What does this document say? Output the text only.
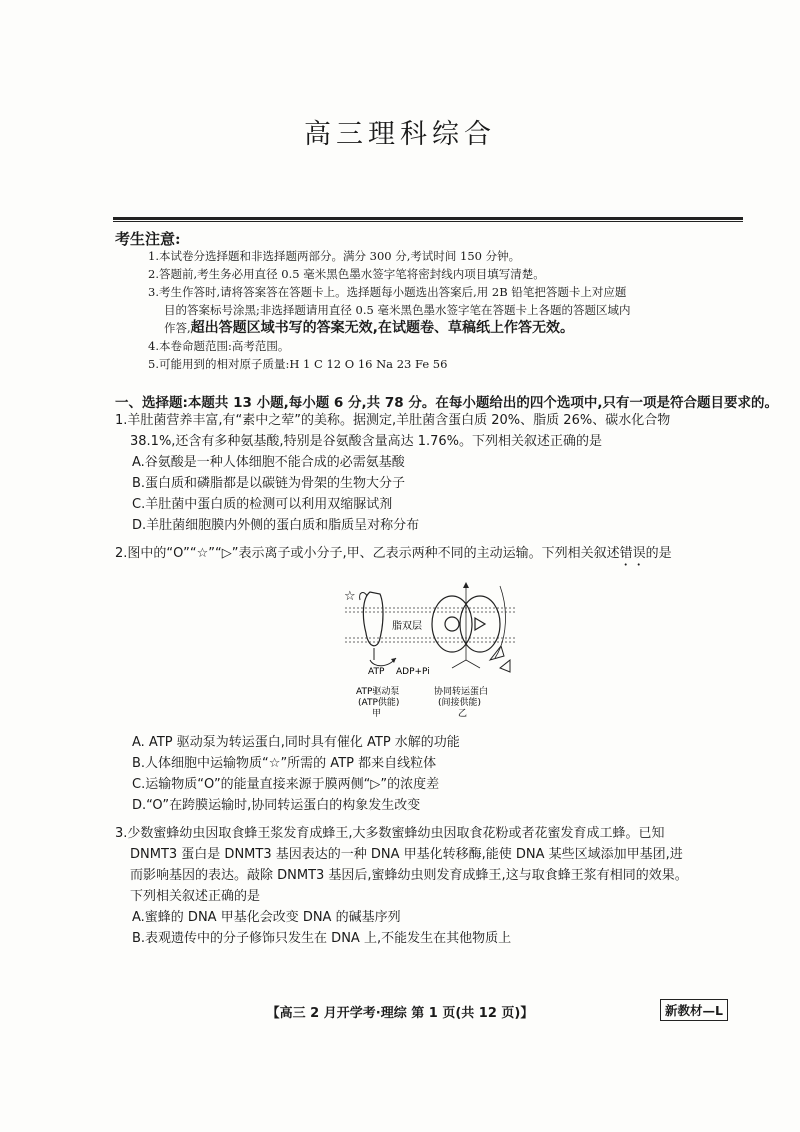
高三理科综合
考生注意:

1.本试卷分选择题和非选择题两部分。满分 300 分,考试时间 150 分钟。

2.答题前,考生务必用直径 0.5 毫米黑色墨水签字笔将密封线内项目填写清楚。

3.考生作答时,请将答案答在答题卡上。选择题每小题选出答案后,用 2B 铅笔把答题卡上对应题

目的答案标号涂黑;非选择题请用直径 0.5 毫米黑色墨水签字笔在答题卡上各题的答题区域内

作答,超出答题区域书写的答案无效,在试题卷、草稿纸上作答无效。

4.本卷命题范围:高考范围。

5.可能用到的相对原子质量:H 1 C 12 O 16 Na 23 Fe 56

一、选择题:本题共 13 小题,每小题 6 分,共 78 分。在每小题给出的四个选项中,只有一项是符合题目要求的。

1.羊肚菌营养丰富,有“素中之荤”的美称。据测定,羊肚菌含蛋白质 20%、脂质 26%、碳水化合物

38.1%,还含有多种氨基酸,特别是谷氨酸含量高达 1.76%。下列相关叙述正确的是

A.谷氨酸是一种人体细胞不能合成的必需氨基酸

B.蛋白质和磷脂都是以碳链为骨架的生物大分子

C.羊肚菌中蛋白质的检测可以利用双缩脲试剂

D.羊肚菌细胞膜内外侧的蛋白质和脂质呈对称分布

2.图中的“O”“☆”“▷”表示离子或小分子,甲、乙表示两种不同的主动运输。下列相关叙述错误的是

☆
ATP ADP+Pi
脂双层
ATP驱动泵
(ATP供能)
甲
协同转运蛋白
(间接供能)
乙

A. ATP 驱动泵为转运蛋白,同时具有催化 ATP 水解的功能

B.人体细胞中运输物质“☆”所需的 ATP 都来自线粒体

C.运输物质“O”的能量直接来源于膜两侧“▷”的浓度差

D.“O”在跨膜运输时,协同转运蛋白的构象发生改变

3.少数蜜蜂幼虫因取食蜂王浆发育成蜂王,大多数蜜蜂幼虫因取食花粉或者花蜜发育成工蜂。已知

DNMT3 蛋白是 DNMT3 基因表达的一种 DNA 甲基化转移酶,能使 DNA 某些区域添加甲基团,进

而影响基因的表达。敲除 DNMT3 基因后,蜜蜂幼虫则发育成蜂王,这与取食蜂王浆有相同的效果。

下列相关叙述正确的是

A.蜜蜂的 DNA 甲基化会改变 DNA 的碱基序列

B.表观遗传中的分子修饰只发生在 DNA 上,不能发生在其他物质上

【高三 2 月开学考·理综 第 1 页(共 12 页)】	新教材—L
